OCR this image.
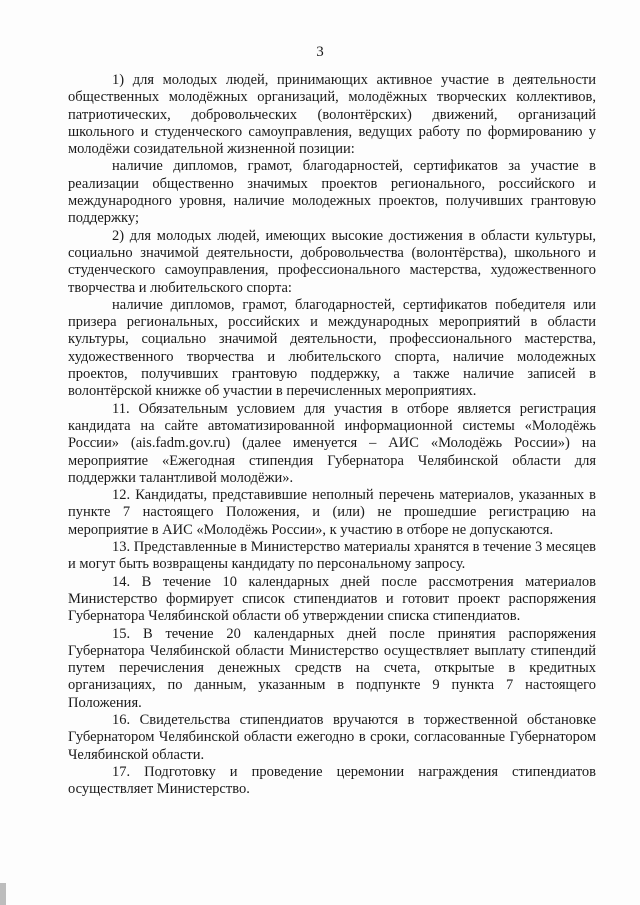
3

1) для молодых людей, принимающих активное участие в деятельности общественных молодёжных организаций, молодёжных творческих коллективов, патриотических, добровольческих (волонтёрских) движений, организаций школьного и студенческого самоуправления, ведущих работу по формированию у молодёжи созидательной жизненной позиции:

наличие дипломов, грамот, благодарностей, сертификатов за участие в реализации общественно значимых проектов регионального, российского и международного уровня, наличие молодежных проектов, получивших грантовую поддержку;

2) для молодых людей, имеющих высокие достижения в области культуры, социально значимой деятельности, добровольчества (волонтёрства), школьного и студенческого самоуправления, профессионального мастерства, художественного творчества и любительского спорта:

наличие дипломов, грамот, благодарностей, сертификатов победителя или призера региональных, российских и международных мероприятий в области культуры, социально значимой деятельности, профессионального мастерства, художественного творчества и любительского спорта, наличие молодежных проектов, получивших грантовую поддержку, а также наличие записей в волонтёрской книжке об участии в перечисленных мероприятиях.

11. Обязательным условием для участия в отборе является регистрация кандидата на сайте автоматизированной информационной системы «Молодёжь России» (ais.fadm.gov.ru) (далее именуется – АИС «Молодёжь России») на мероприятие «Ежегодная стипендия Губернатора Челябинской области для поддержки талантливой молодёжи».

12. Кандидаты, представившие неполный перечень материалов, указанных в пункте 7 настоящего Положения, и (или) не прошедшие регистрацию на мероприятие в АИС «Молодёжь России», к участию в отборе не допускаются.

13. Представленные в Министерство материалы хранятся в течение 3 месяцев и могут быть возвращены кандидату по персональному запросу.

14. В течение 10 календарных дней после рассмотрения материалов Министерство формирует список стипендиатов и готовит проект распоряжения Губернатора Челябинской области об утверждении списка стипендиатов.

15. В течение 20 календарных дней после принятия распоряжения Губернатора Челябинской области Министерство осуществляет выплату стипендий путем перечисления денежных средств на счета, открытые в кредитных организациях, по данным, указанным в подпункте 9 пункта 7 настоящего Положения.

16. Свидетельства стипендиатов вручаются в торжественной обстановке Губернатором Челябинской области ежегодно в сроки, согласованные Губернатором Челябинской области.

17. Подготовку и проведение церемонии награждения стипендиатов осуществляет Министерство.
